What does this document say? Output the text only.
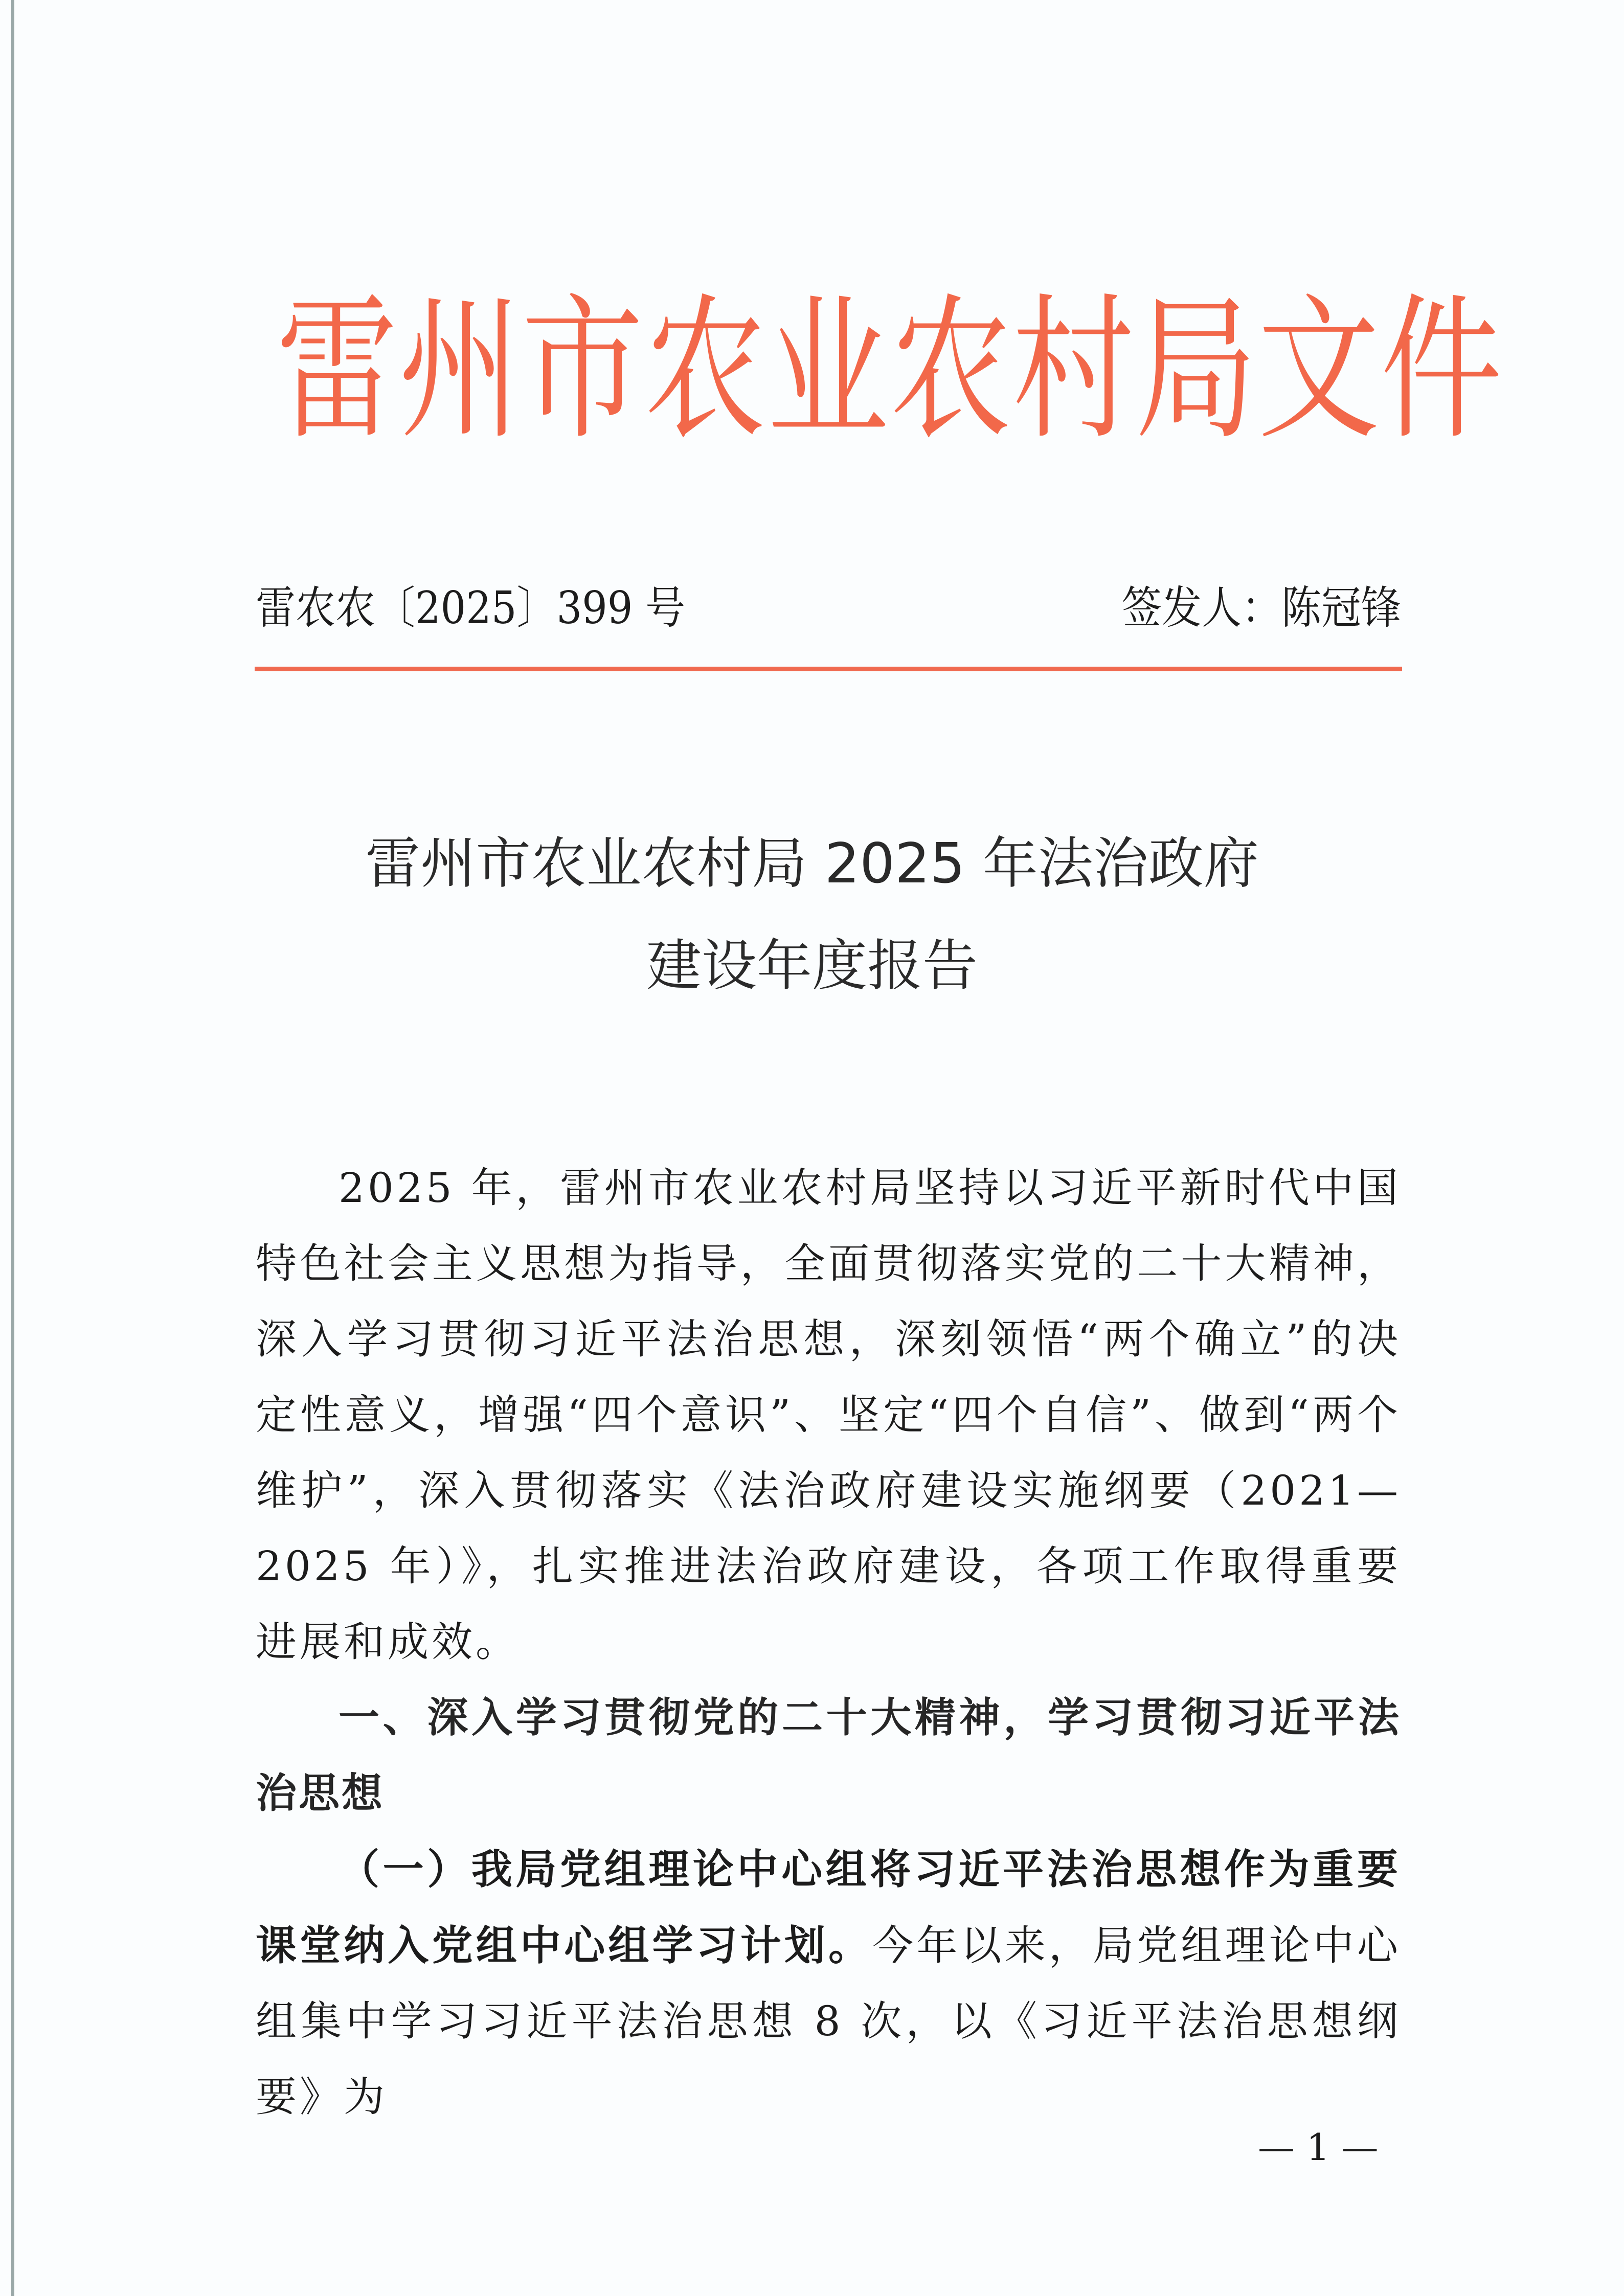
雷州市农业农村局文件
雷农农〔2025〕399 号	签发人：陈冠锋
雷州市农业农村局 2025 年法治政府
建设年度报告

2025 年，雷州市农业农村局坚持以习近平新时代中国特色社会主义思想为指导，全面贯彻落实党的二十大精神，深入学习贯彻习近平法治思想，深刻领悟“两个确立”的决定性意义，增强“四个意识”、坚定“四个自信”、做到“两个维护”，深入贯彻落实《法治政府建设实施纲要（2021—2025 年）》，扎实推进法治政府建设，各项工作取得重要进展和成效。

一、深入学习贯彻党的二十大精神，学习贯彻习近平法治思想

（一）我局党组理论中心组将习近平法治思想作为重要课堂纳入党组中心组学习计划。今年以来，局党组理论中心组集中学习习近平法治思想 8 次，以《习近平法治思想纲要》为

— 1 —
